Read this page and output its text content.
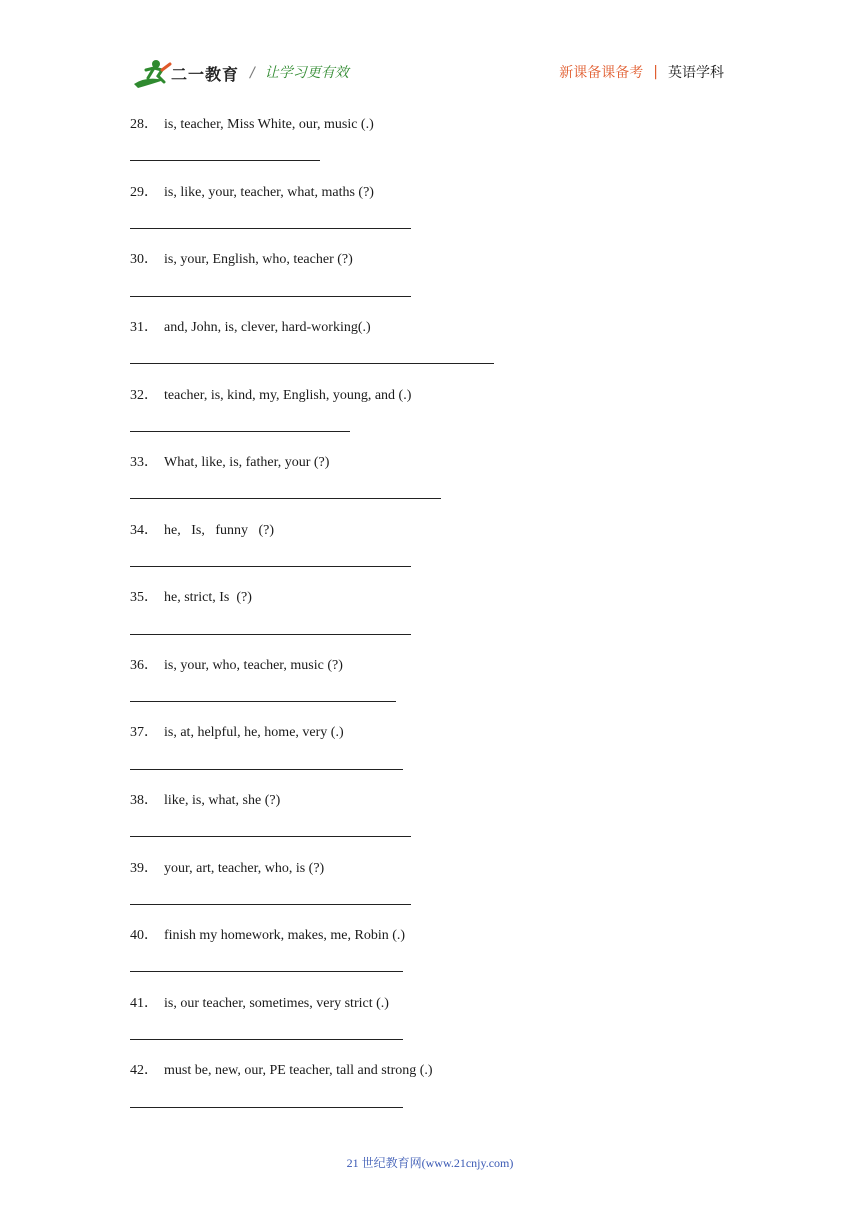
二一教育 / 让学习更有效	新课备课备考 | 英语学科
28． is, teacher, Miss White, our, music (.)
29． is, like, your, teacher, what, maths (?)
30． is, your, English, who, teacher (?)
31． and, John, is, clever, hard-working(.)
32． teacher, is, kind, my, English, young, and (.)
33． What, like, is, father, your (?)
34． he,   Is,   funny   (?)
35． he, strict, Is  (?)
36． is, your, who, teacher, music (?)
37． is, at, helpful, he, home, very (.)
38． like, is, what, she (?)
39． your, art, teacher, who, is (?)
40． finish my homework, makes, me, Robin (.)
41． is, our teacher, sometimes, very strict (.)
42． must be, new, our, PE teacher, tall and strong (.)
21 世纪教育网(www.21cnjy.com)
